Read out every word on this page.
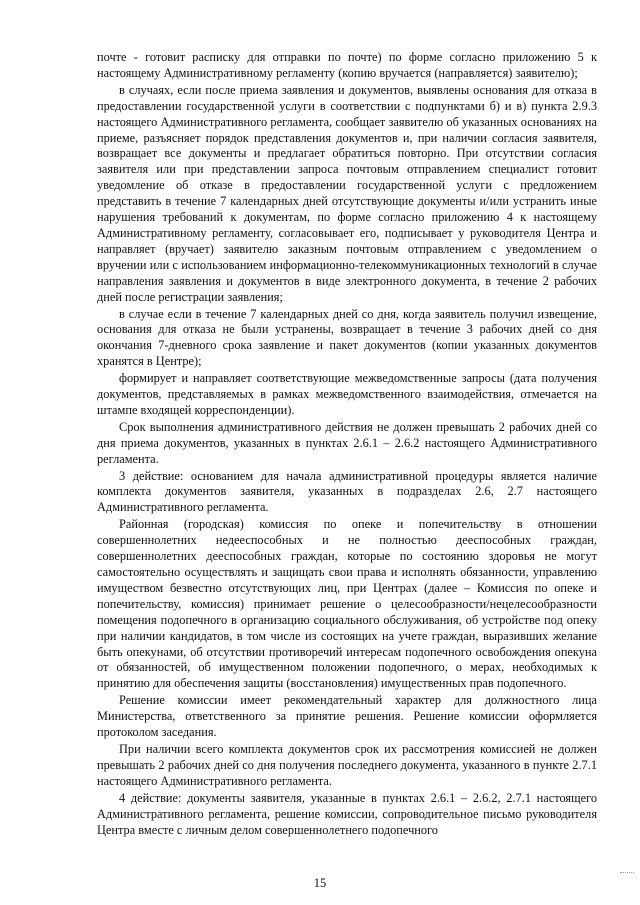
почте - готовит расписку для отправки по почте) по форме согласно приложению 5 к настоящему Административному регламенту (копию вручается (направляется) заявителю);

в случаях, если после приема заявления и документов, выявлены основания для отказа в предоставлении государственной услуги в соответствии с подпунктами б) и в) пункта 2.9.3 настоящего Административного регламента, сообщает заявителю об указанных основаниях на приеме, разъясняет порядок представления документов и, при наличии согласия заявителя, возвращает все документы и предлагает обратиться повторно. При отсутствии согласия заявителя или при представлении запроса почтовым отправлением специалист готовит уведомление об отказе в предоставлении государственной услуги с предложением представить в течение 7 календарных дней отсутствующие документы и/или устранить иные нарушения требований к документам, по форме согласно приложению 4 к настоящему Административному регламенту, согласовывает его, подписывает у руководителя Центра и направляет (вручает) заявителю заказным почтовым отправлением с уведомлением о вручении или с использованием информационно-телекоммуникационных технологий в случае направления заявления и документов в виде электронного документа, в течение 2 рабочих дней после регистрации заявления;

в случае если в течение 7 календарных дней со дня, когда заявитель получил извещение, основания для отказа не были устранены, возвращает в течение 3 рабочих дней со дня окончания 7-дневного срока заявление и пакет документов (копии указанных документов хранятся в Центре);

формирует и направляет соответствующие межведомственные запросы (дата получения документов, представляемых в рамках межведомственного взаимодействия, отмечается на штампе входящей корреспонденции).

Срок выполнения административного действия не должен превышать 2 рабочих дней со дня приема документов, указанных в пунктах 2.6.1 – 2.6.2 настоящего Административного регламента.

3 действие: основанием для начала административной процедуры является наличие комплекта документов заявителя, указанных в подразделах 2.6, 2.7 настоящего Административного регламента.

Районная (городская) комиссия по опеке и попечительству в отношении совершеннолетних недееспособных и не полностью дееспособных граждан, совершеннолетних дееспособных граждан, которые по состоянию здоровья не могут самостоятельно осуществлять и защищать свои права и исполнять обязанности, управлению имуществом безвестно отсутствующих лиц, при Центрах (далее – Комиссия по опеке и попечительству, комиссия) принимает решение о целесообразности/нецелесообразности помещения подопечного в организацию социального обслуживания, об устройстве под опеку при наличии кандидатов, в том числе из состоящих на учете граждан, выразивших желание быть опекунами, об отсутствии противоречий интересам подопечного освобождения опекуна от обязанностей, об имущественном положении подопечного, о мерах, необходимых к принятию для обеспечения защиты (восстановления) имущественных прав подопечного.

Решение комиссии имеет рекомендательный характер для должностного лица Министерства, ответственного за принятие решения. Решение комиссии оформляется протоколом заседания.

При наличии всего комплекта документов срок их рассмотрения комиссией не должен превышать 2 рабочих дней со дня получения последнего документа, указанного в пункте 2.7.1 настоящего Административного регламента.

4 действие: документы заявителя, указанные в пунктах 2.6.1 – 2.6.2, 2.7.1 настоящего Административного регламента, решение комиссии, сопроводительное письмо руководителя Центра вместе с личным делом совершеннолетнего подопечного

15
